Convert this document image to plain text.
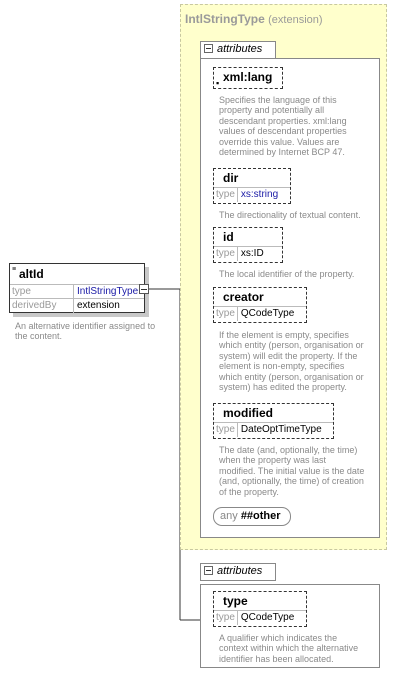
IntlStringType (extension)
attributes
▪ xml:lang
Specifies the language of this
property and potentially all
descendant properties. xml:lang
values of descendant properties
override this value. Values are
determined by Internet BCP 47.
dir
type xs:string
The directionality of textual content.
id
type xs:ID
The local identifier of the property.
creator
type QCodeType
If the element is empty, specifies
which entity (person, organisation or
system) will edit the property. If the
element is non-empty, specifies
which entity (person, organisation or
system) has edited the property.
modified
type DateOptTimeType
The date (and, optionally, the time)
when the property was last
modified. The initial value is the date
(and, optionally, the time) of creation
of the property.
any ##other
attributes
type
type QCodeType
A qualifier which indicates the
context within which the alternative
identifier has been allocated.
≡ altId
type	IntlStringType
derivedBy extension
An alternative identifier assigned to
the content.
